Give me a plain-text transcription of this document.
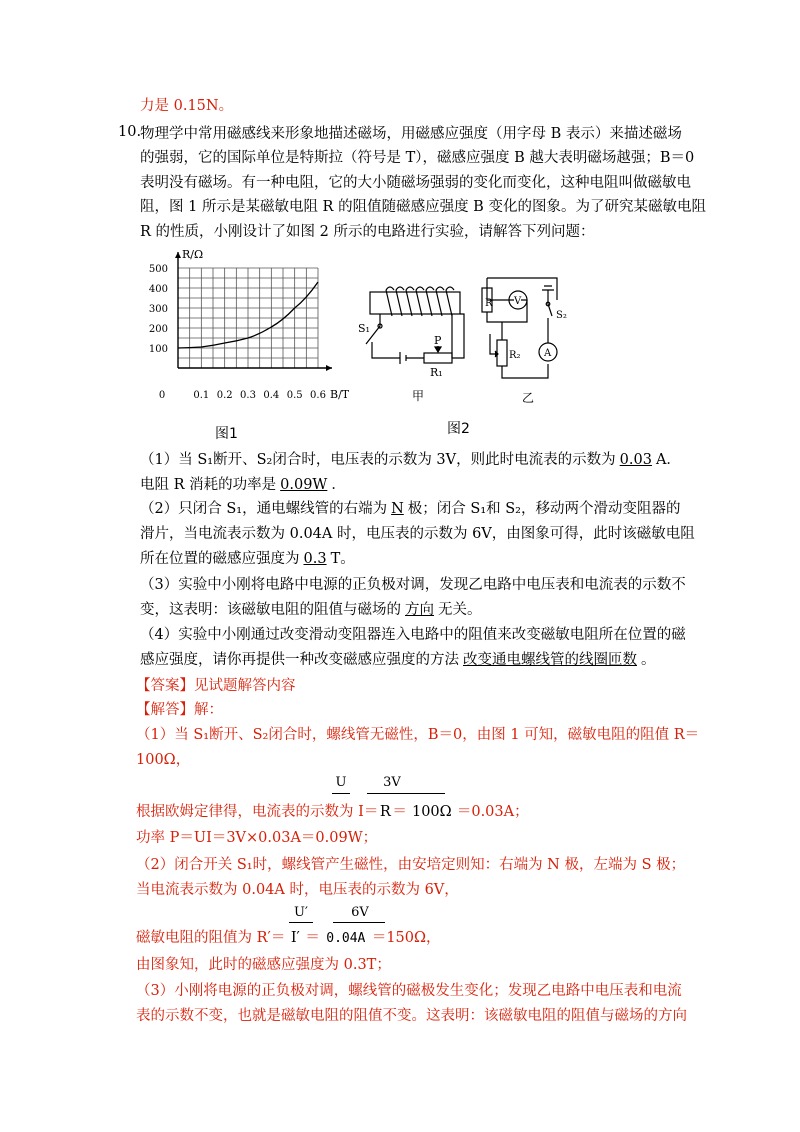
力是 0.15N。
10.
物理学中常用磁感线来形象地描述磁场，用磁感应强度（用字母 B 表示）来描述磁场
的强弱，它的国际单位是特斯拉（符号是 T），磁感应强度 B 越大表明磁场越强；B＝0
表明没有磁场。有一种电阻，它的大小随磁场强弱的变化而变化，这种电阻叫做磁敏电
阻，图 1 所示是某磁敏电阻 R 的阻值随磁感应强度 B 变化的图象。为了研究某磁敏电阻
R 的性质，小刚设计了如图 2 所示的电路进行实验，请解答下列问题：
0	0.1 0.2 0.3 0.4 0.5 0.6
100
200
300
400
500
B/T
R/Ω
图1
S₁
P
R₁
甲
R V
S₂
R₂ A
乙
图2
（1）当 S₁断开、S₂闭合时，电压表的示数为 3V，则此时电流表的示数为 0.03 A．
电阻 R 消耗的功率是 0.09W ．
（2）只闭合 S₁，通电螺线管的右端为 N 极；闭合 S₁和 S₂，移动两个滑动变阻器的
滑片，当电流表示数为 0.04A 时，电压表的示数为 6V，由图象可得，此时该磁敏电阻
所在位置的磁感应强度为 0.3 T。
（3）实验中小刚将电路中电源的正负极对调，发现乙电路中电压表和电流表的示数不
变，这表明：该磁敏电阻的阻值与磁场的 方向 无关。
（4）实验中小刚通过改变滑动变阻器连入电路中的阻值来改变磁敏电阻所在位置的磁
感应强度，请你再提供一种改变磁感应强度的方法 改变通电螺线管的线圈匝数 。
【答案】见试题解答内容
【解答】解：
（1）当 S₁断开、S₂闭合时，螺线管无磁性，B＝0，由图 1 可知，磁敏电阻的阻值 R＝
100Ω，
U	3V
根据欧姆定律得，电流表的示数为 I＝ R ＝ 100Ω ＝0.03A；
功率 P＝UI＝3V×0.03A＝0.09W；
（2）闭合开关 S₁时，螺线管产生磁性，由安培定则知：右端为 N 极，左端为 S 极；
当电流表示数为 0.04A 时，电压表的示数为 6V，
U′	6V
磁敏电阻的阻值为 R′＝ I′ ＝ 0.04A ＝150Ω，
由图象知，此时的磁感应强度为 0.3T；
（3）小刚将电源的正负极对调，螺线管的磁极发生变化；发现乙电路中电压表和电流
表的示数不变，也就是磁敏电阻的阻值不变。这表明：该磁敏电阻的阻值与磁场的方向
